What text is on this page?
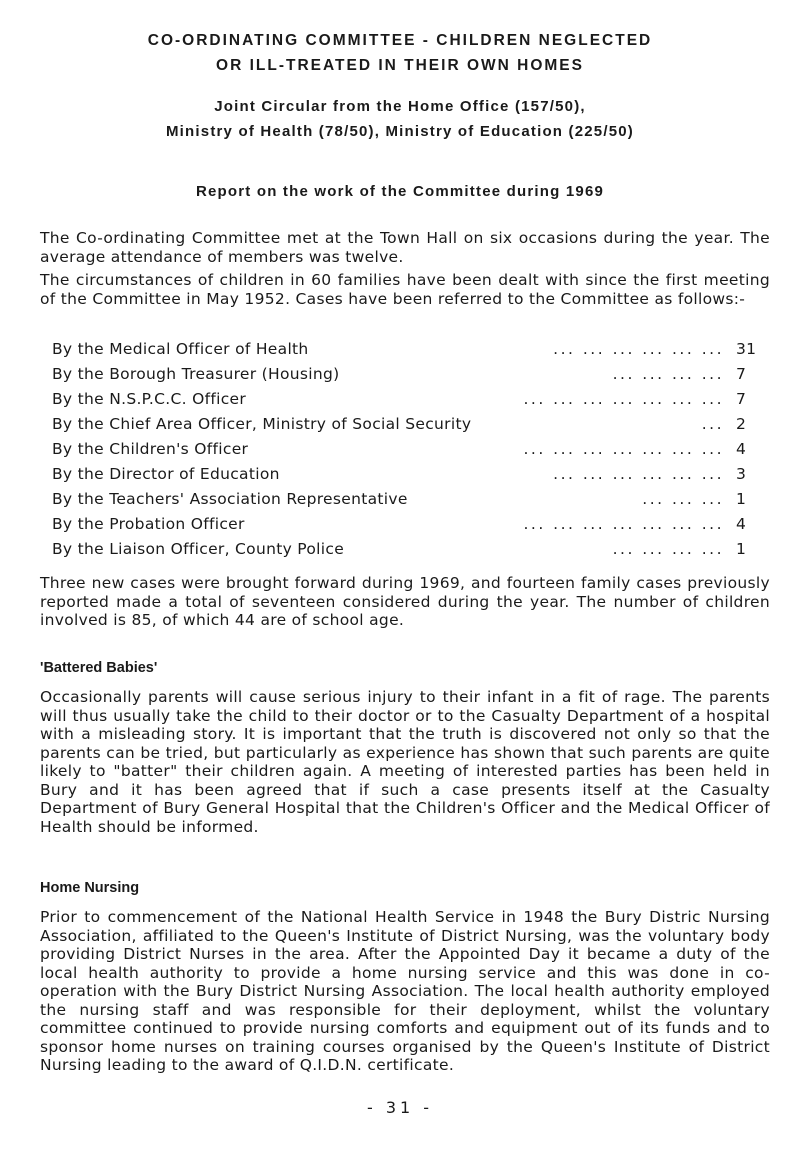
CO-ORDINATING COMMITTEE - CHILDREN NEGLECTED
OR ILL-TREATED IN THEIR OWN HOMES
Joint Circular from the Home Office (157/50),
Ministry of Health (78/50), Ministry of Education (225/50)
Report on the work of the Committee during 1969
The Co-ordinating Committee met at the Town Hall on six occasions during the year. The average attendance of members was twelve.
The circumstances of children in 60 families have been dealt with since the first meeting of the Committee in May 1952. Cases have been referred to the Committee as follows:-
By the Medical Officer of Health	... ... ... ... ... ... 31
By the Borough Treasurer (Housing)	... ... ... ... 7
By the N.S.P.C.C. Officer	... ... ... ... ... ... ... 7
By the Chief Area Officer, Ministry of Social Security	... 2
By the Children's Officer	... ... ... ... ... ... ... 4
By the Director of Education	... ... ... ... ... ... 3
By the Teachers' Association Representative	... ... ... 1
By the Probation Officer	... ... ... ... ... ... ... 4
By the Liaison Officer, County Police	... ... ... ... 1
Three new cases were brought forward during 1969, and fourteen family cases previously reported made a total of seventeen considered during the year. The number of children involved is 85, of which 44 are of school age.
'Battered Babies'
Occasionally parents will cause serious injury to their infant in a fit of rage. The parents will thus usually take the child to their doctor or to the Casualty Department of a hospital with a misleading story. It is important that the truth is discovered not only so that the parents can be tried, but particularly as experience has shown that such parents are quite likely to "batter" their children again. A meeting of interested parties has been held in Bury and it has been agreed that if such a case presents itself at the Casualty Department of Bury General Hospital that the Children's Officer and the Medical Officer of Health should be informed.
Home Nursing
Prior to commencement of the National Health Service in 1948 the Bury Distric Nursing Association, affiliated to the Queen's Institute of District Nursing, was the voluntary body providing District Nurses in the area. After the Appointed Day it became a duty of the local health authority to provide a home nursing service and this was done in co-operation with the Bury District Nursing Association. The local health authority employed the nursing staff and was responsible for their deployment, whilst the voluntary committee continued to provide nursing comforts and equipment out of its funds and to sponsor home nurses on training courses organised by the Queen's Institute of District Nursing leading to the award of Q.I.D.N. certificate.
- 31 -
